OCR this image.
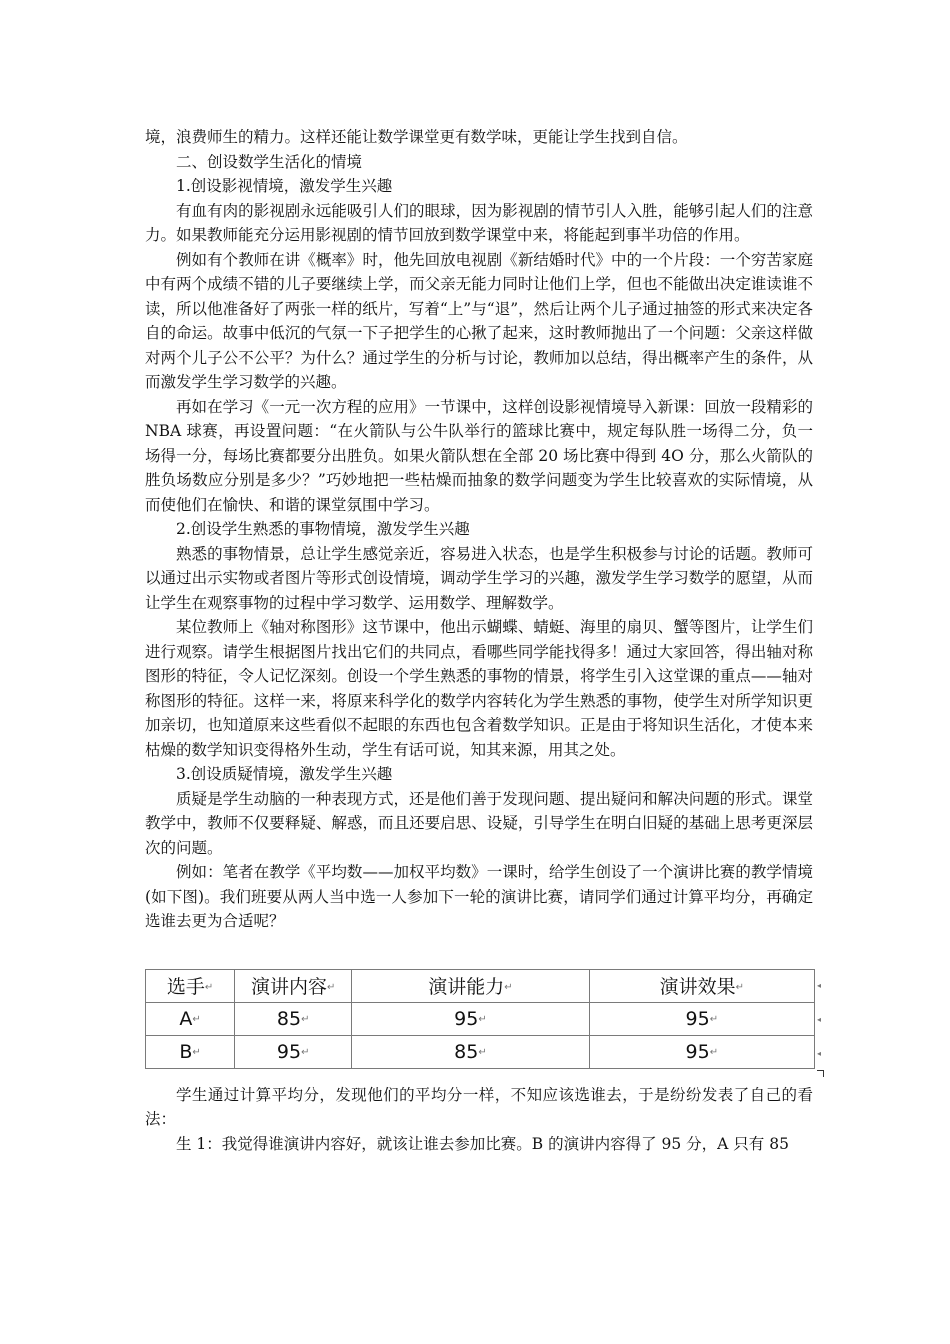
境，浪费师生的精力。这样还能让数学课堂更有数学味，更能让学生找到自信。

二、创设数学生活化的情境

1.创设影视情境，激发学生兴趣

有血有肉的影视剧永远能吸引人们的眼球，因为影视剧的情节引人入胜，能够引起人们的注意力。如果教师能充分运用影视剧的情节回放到数学课堂中来，将能起到事半功倍的作用。

例如有个教师在讲《概率》时，他先回放电视剧《新结婚时代》中的一个片段：一个穷苦家庭中有两个成绩不错的儿子要继续上学，而父亲无能力同时让他们上学，但也不能做出决定谁读谁不读，所以他准备好了两张一样的纸片，写着“上”与“退”，然后让两个儿子通过抽签的形式来决定各自的命运。故事中低沉的气氛一下子把学生的心揪了起来，这时教师抛出了一个问题：父亲这样做对两个儿子公不公平？为什么？通过学生的分析与讨论，教师加以总结，得出概率产生的条件，从而激发学生学习数学的兴趣。

再如在学习《一元一次方程的应用》一节课中，这样创设影视情境导入新课：回放一段精彩的 NBA 球赛，再设置问题：“在火箭队与公牛队举行的篮球比赛中，规定每队胜一场得二分，负一场得一分，每场比赛都要分出胜负。如果火箭队想在全部 20 场比赛中得到 4O 分，那么火箭队的胜负场数应分别是多少？”巧妙地把一些枯燥而抽象的数学问题变为学生比较喜欢的实际情境，从而使他们在愉快、和谐的课堂氛围中学习。

2.创设学生熟悉的事物情境，激发学生兴趣

熟悉的事物情景，总让学生感觉亲近，容易进入状态，也是学生积极参与讨论的话题。教师可以通过出示实物或者图片等形式创设情境，调动学生学习的兴趣，激发学生学习数学的愿望，从而让学生在观察事物的过程中学习数学、运用数学、理解数学。

某位教师上《轴对称图形》这节课中，他出示蝴蝶、蜻蜓、海里的扇贝、蟹等图片，让学生们进行观察。请学生根据图片找出它们的共同点，看哪些同学能找得多！通过大家回答，得出轴对称图形的特征，令人记忆深刻。创设一个学生熟悉的事物的情景，将学生引入这堂课的重点——轴对称图形的特征。这样一来，将原来科学化的数学内容转化为学生熟悉的事物，使学生对所学知识更加亲切，也知道原来这些看似不起眼的东西也包含着数学知识。正是由于将知识生活化，才使本来枯燥的数学知识变得格外生动，学生有话可说，知其来源，用其之处。

3.创设质疑情境，激发学生兴趣

质疑是学生动脑的一种表现方式，还是他们善于发现问题、提出疑问和解决问题的形式。课堂教学中，教师不仅要释疑、解惑，而且还要启思、设疑，引导学生在明白旧疑的基础上思考更深层次的问题。

例如：笔者在教学《平均数——加权平均数》一课时，给学生创设了一个演讲比赛的教学情境(如下图)。我们班要从两人当中选一人参加下一轮的演讲比赛，请同学们通过计算平均分，再确定选谁去更为合适呢？

选手↵	演讲内容↵	演讲能力↵	演讲效果↵
A↵	85↵	95↵	95↵
B↵	95↵	85↵	95↵
◂
◂
◂

学生通过计算平均分，发现他们的平均分一样，不知应该选谁去，于是纷纷发表了自己的看法：

生 1：我觉得谁演讲内容好，就该让谁去参加比赛。B 的演讲内容得了 95 分，A 只有 85
